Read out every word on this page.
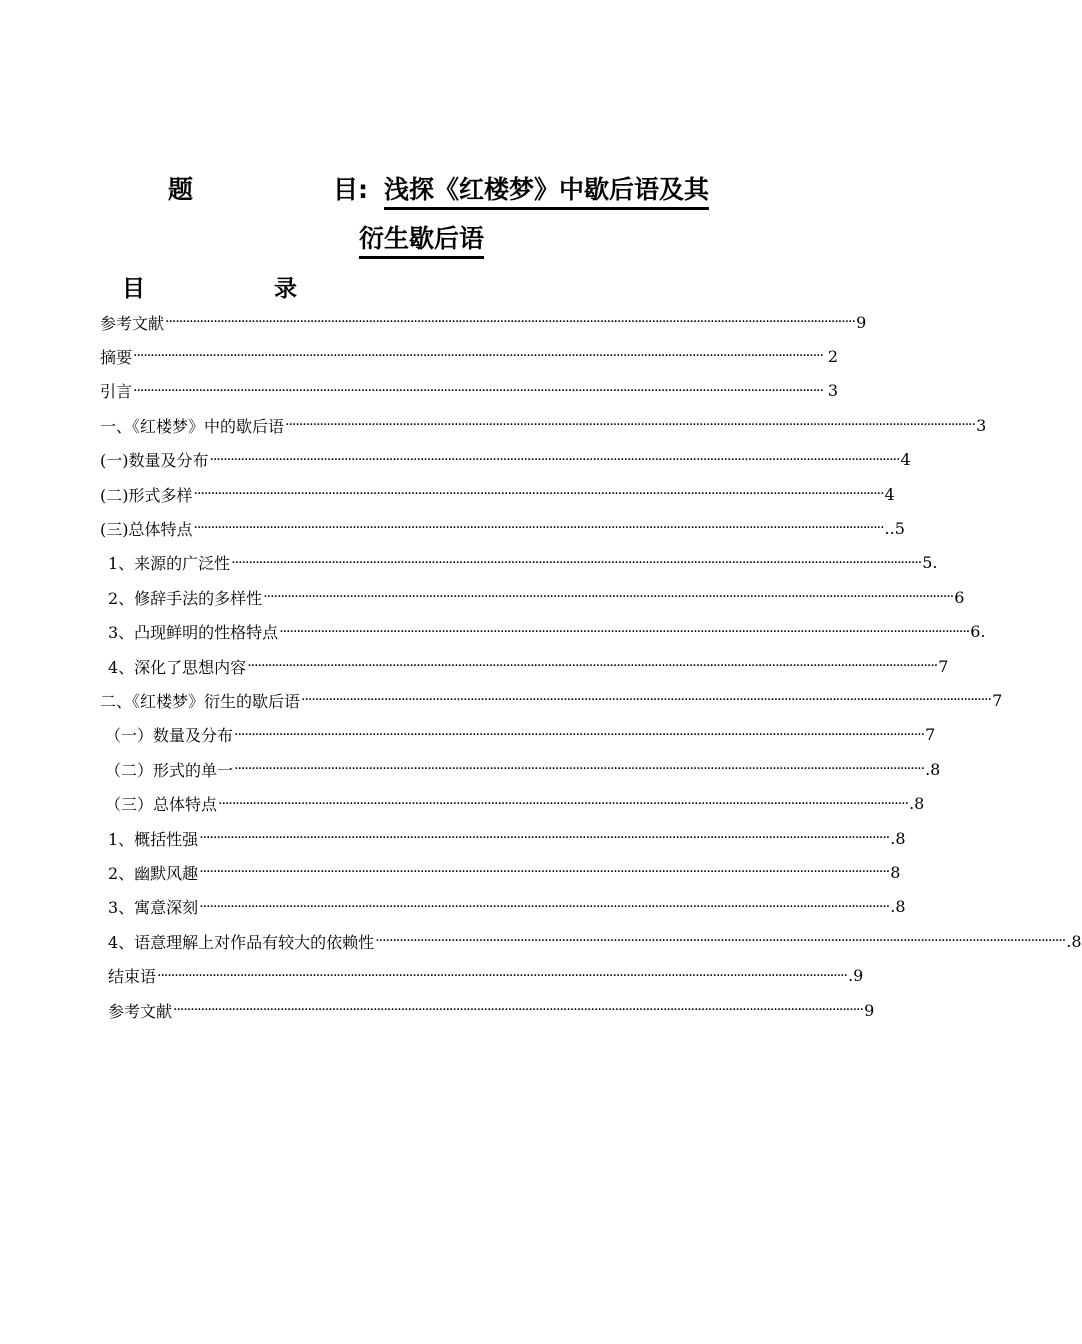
题	目: 浅探《红楼梦》中歇后语及其
衍生歇后语
目	录
参考文献 ········································································································································································································ 9
摘要 ········································································································································································································ 2
引言 ········································································································································································································ 3
一、《红楼梦》中的歇后语 ········································································································································································································ 3
(一)数量及分布 ········································································································································································································ 4
(二)形式多样 ········································································································································································································ 4
(三)总体特点 ········································································································································································································ ..5
1、来源的广泛性 ········································································································································································································ 5.
2、修辞手法的多样性 ········································································································································································································ 6
3、凸现鲜明的性格特点 ········································································································································································································ 6.
4、深化了思想内容 ········································································································································································································ 7
二、《红楼梦》衍生的歇后语 ········································································································································································································ 7
（一）数量及分布 ········································································································································································································ 7
（二）形式的单一 ········································································································································································································ .8
（三）总体特点 ········································································································································································································ .8
1、概括性强 ········································································································································································································ .8
2、幽默风趣 ········································································································································································································ 8
3、寓意深刻 ········································································································································································································ .8
4、语意理解上对作品有较大的依赖性 ········································································································································································································ .8
结束语 ········································································································································································································ .9
参考文献 ········································································································································································································ 9
